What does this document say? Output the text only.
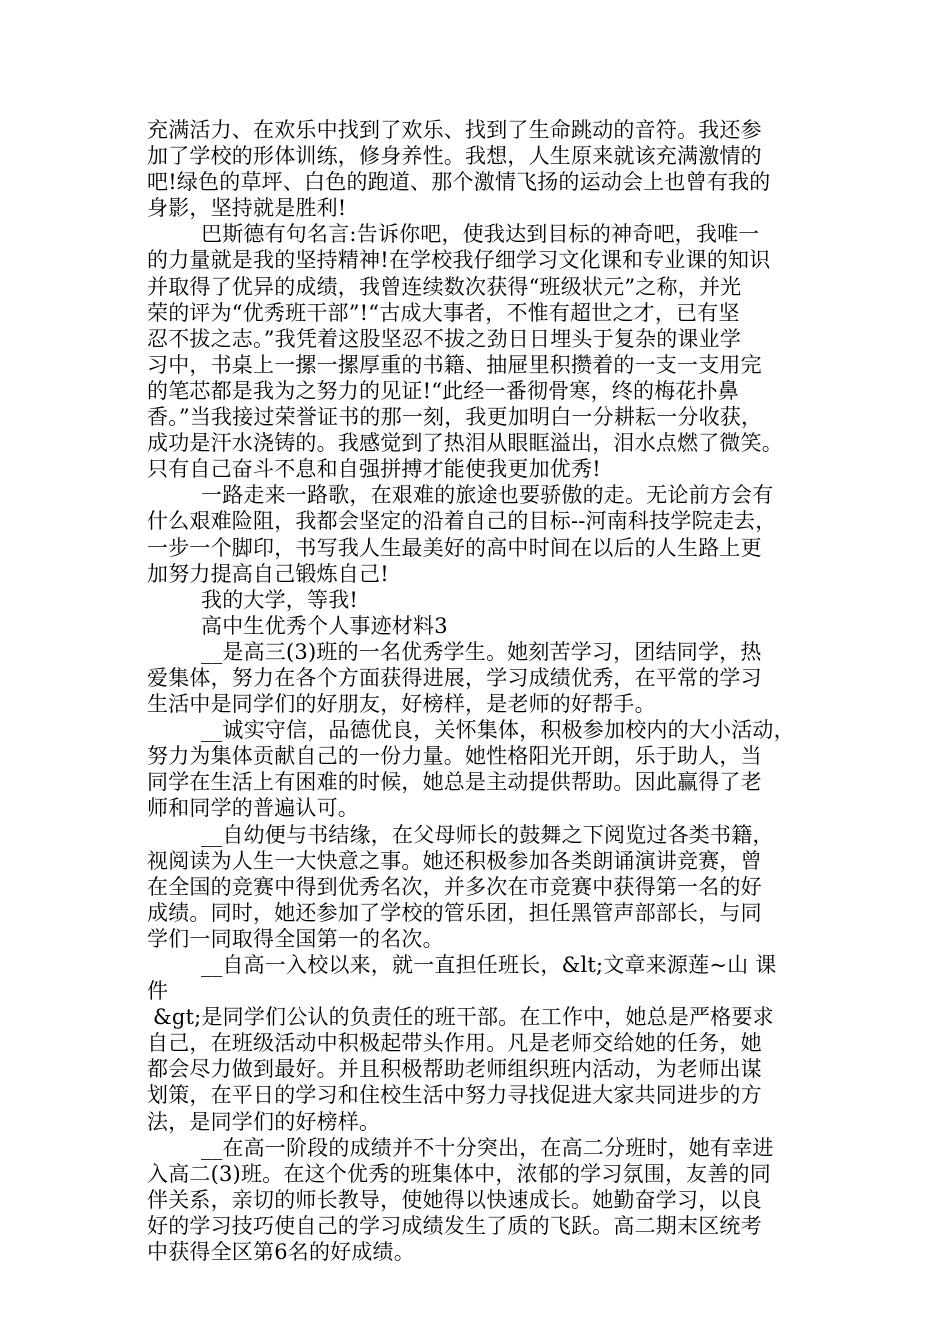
充满活力、在欢乐中找到了欢乐、找到了生命跳动的音符。我还参
加了学校的形体训练，修身养性。我想，人生原来就该充满激情的
吧!绿色的草坪、白色的跑道、那个激情飞扬的运动会上也曾有我的
身影，坚持就是胜利!
巴斯德有句名言:告诉你吧，使我达到目标的神奇吧，我唯一
的力量就是我的坚持精神!在学校我仔细学习文化课和专业课的知识
并取得了优异的成绩，我曾连续数次获得“班级状元”之称，并光
荣的评为“优秀班干部”!“古成大事者，不惟有超世之才，已有坚
忍不拔之志。”我凭着这股坚忍不拔之劲日日埋头于复杂的课业学
习中，书桌上一摞一摞厚重的书籍、抽屉里积攒着的一支一支用完
的笔芯都是我为之努力的见证!“此经一番彻骨寒，终的梅花扑鼻
香。”当我接过荣誉证书的那一刻，我更加明白一分耕耘一分收获，
成功是汗水浇铸的。我感觉到了热泪从眼眶溢出，泪水点燃了微笑。
只有自己奋斗不息和自强拼搏才能使我更加优秀!
一路走来一路歌，在艰难的旅途也要骄傲的走。无论前方会有
什么艰难险阻，我都会坚定的沿着自己的目标--河南科技学院走去，
一步一个脚印，书写我人生最美好的高中时间在以后的人生路上更
加努力提高自己锻炼自己!
我的大学，等我!
高中生优秀个人事迹材料3
__是高三(3)班的一名优秀学生。她刻苦学习，团结同学，热
爱集体，努力在各个方面获得进展，学习成绩优秀，在平常的学习
生活中是同学们的好朋友，好榜样，是老师的好帮手。
__诚实守信，品德优良，关怀集体，积极参加校内的大小活动，
努力为集体贡献自己的一份力量。她性格阳光开朗，乐于助人，当
同学在生活上有困难的时候，她总是主动提供帮助。因此赢得了老
师和同学的普遍认可。
__自幼便与书结缘，在父母师长的鼓舞之下阅览过各类书籍，
视阅读为人生一大快意之事。她还积极参加各类朗诵演讲竞赛，曾
在全国的竞赛中得到优秀名次，并多次在市竞赛中获得第一名的好
成绩。同时，她还参加了学校的管乐团，担任黑管声部部长，与同
学们一同取得全国第一的名次。
__自高一入校以来，就一直担任班长，&lt;文章来源莲~山 课
件
&gt;是同学们公认的负责任的班干部。在工作中，她总是严格要求
自己，在班级活动中积极起带头作用。凡是老师交给她的任务，她
都会尽力做到最好。并且积极帮助老师组织班内活动，为老师出谋
划策，在平日的学习和住校生活中努力寻找促进大家共同进步的方
法，是同学们的好榜样。
__在高一阶段的成绩并不十分突出，在高二分班时，她有幸进
入高二(3)班。在这个优秀的班集体中，浓郁的学习氛围，友善的同
伴关系，亲切的师长教导，使她得以快速成长。她勤奋学习，以良
好的学习技巧使自己的学习成绩发生了质的飞跃。高二期末区统考
中获得全区第6名的好成绩。
